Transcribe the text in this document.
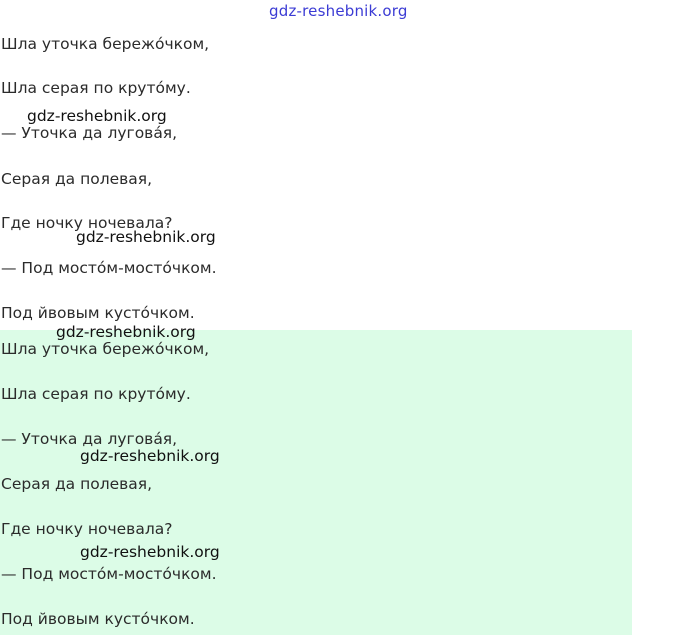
gdz-reshebnik.org
Шла уточка бережóчком,
Шла серая по крутóму.
— Уточка да луговáя,
Серая да полевая,
Где ночку ночевала?
— Под мостóм-мостóчком.
Под йвовым кустóчком.
Шла уточка бережóчком,
Шла серая по крутóму.
— Уточка да луговáя,
Серая да полевая,
Где ночку ночевала?
— Под мостóм-мостóчком.
Под йвовым кустóчком.
gdz-reshebnik.org
gdz-reshebnik.org
gdz-reshebnik.org
gdz-reshebnik.org
gdz-reshebnik.org
